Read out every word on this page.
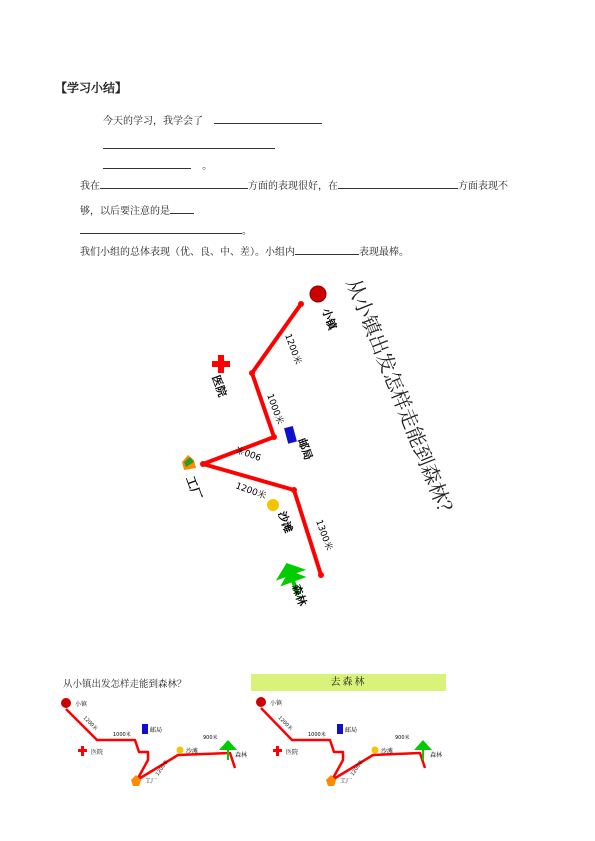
【学习小结】
今天的学习，我学会了
。
我在	方面的表现很好，在	方面表现不
够，以后要注意的是
。
我们小组的总体表现（优、良、中、差）。小组内	表现最棒。
从小镇出发怎样走能到森林？
小镇
医院
邮局
工厂
沙滩
森林
1200米
1000米
900米
1200米
1300米
从小镇出发怎样走能到森林？
小镇
医院
邮局
工厂
沙滩
森林
1200米
1000米	900米
1200米
去森林
小镇
医院
邮局
工厂
沙滩
森林
1200米
1000米	900米
1200米
